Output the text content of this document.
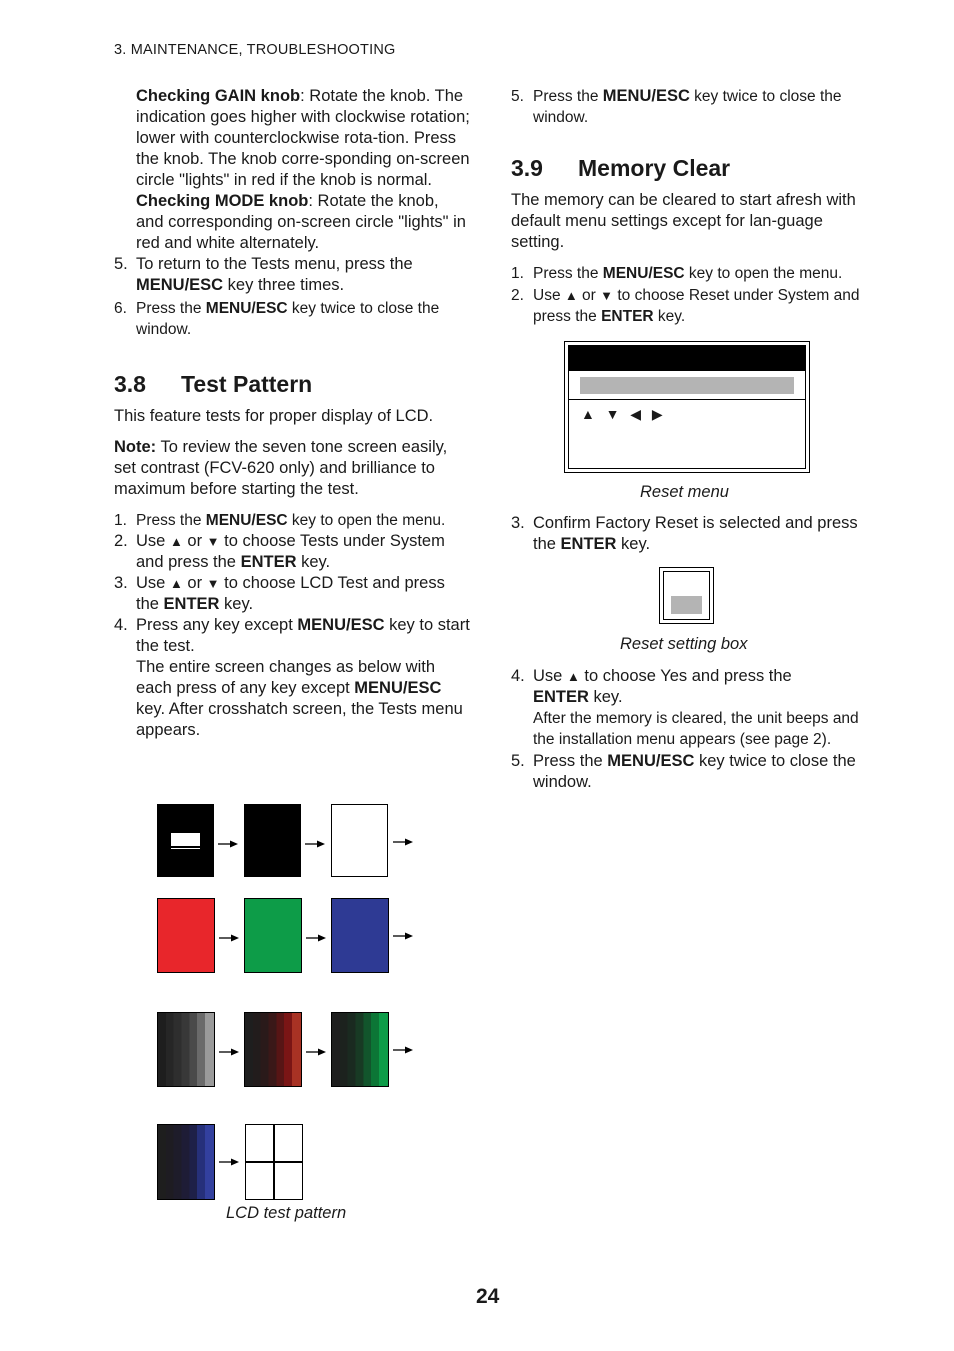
3. MAINTENANCE, TROUBLESHOOTING
Checking GAIN knob: Rotate the knob. The indication goes higher with clockwise rotation; lower with counterclockwise rota-tion. Press the knob. The knob corre-sponding on-screen circle "lights" in red if the knob is normal.
Checking MODE knob: Rotate the knob, and corresponding on-screen circle "lights" in red and white alternately.
5. To return to the Tests menu, press the MENU/ESC key three times.
6. Press the MENU/ESC key twice to close the window.
3.8 Test Pattern

This feature tests for proper display of LCD.

Note: To review the seven tone screen easily, set contrast (FCV-620 only) and brilliance to maximum before starting the test.

1. Press the MENU/ESC key to open the menu.
2. Use ▲ or ▼ to choose Tests under System and press the ENTER key.
3. Use ▲ or ▼ to choose LCD Test and press the ENTER key.
4. Press any key except MENU/ESC key to start the test.
The entire screen changes as below with each press of any key except MENU/ESC key. After crosshatch screen, the Tests menu appears.
LCD test pattern
5. Press the MENU/ESC key twice to close the window.
3.9 Memory Clear

The memory can be cleared to start afresh with default menu settings except for lan-guage setting.

1. Press the MENU/ESC key to open the menu.
2. Use ▲ or ▼ to choose Reset under System and press the ENTER key.
▲  ▼  ◀  ▶
Reset menu
3. Confirm Factory Reset is selected and press the ENTER key.
Reset setting box
4. Use ▲ to choose Yes and press the
ENTER key.
After the memory is cleared, the unit beeps and the installation menu appears (see page 2).
5. Press the MENU/ESC key twice to close the window.
24
